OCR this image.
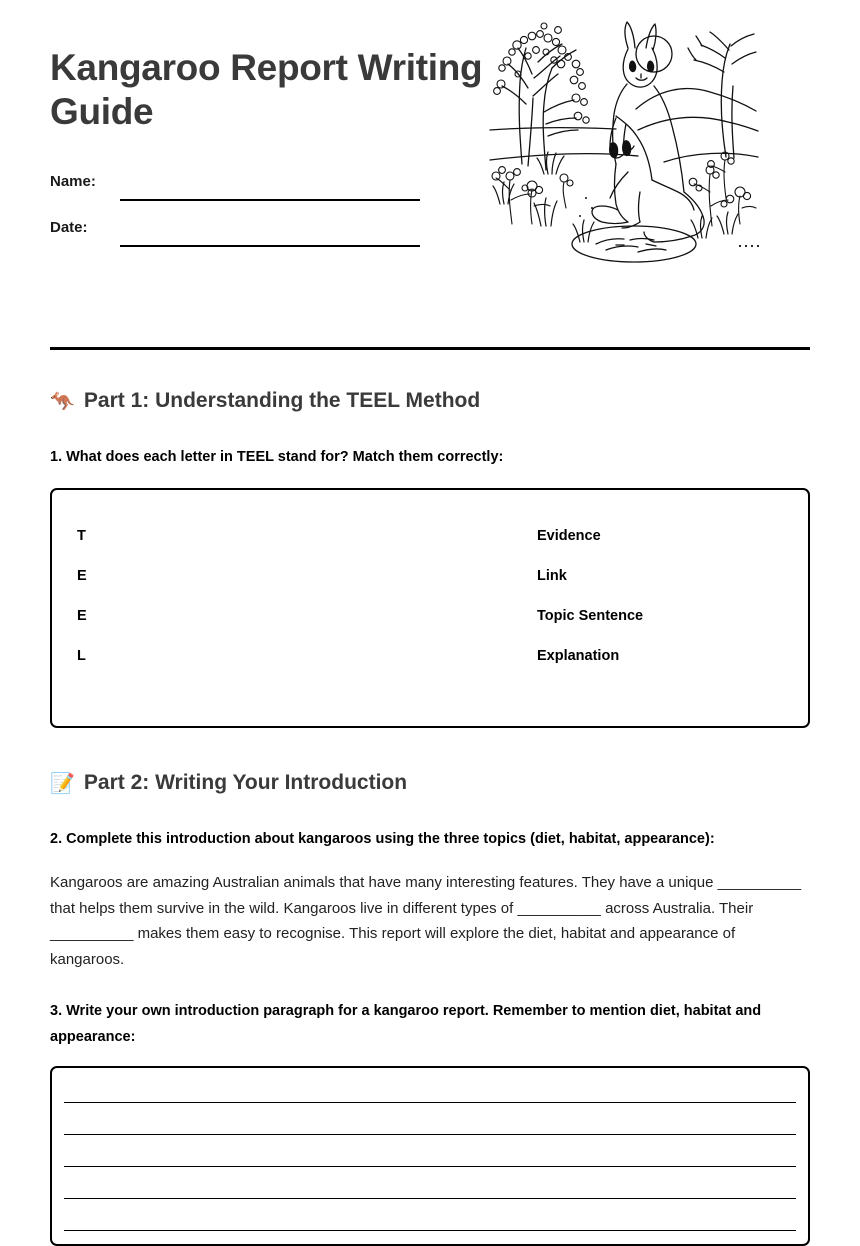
Kangaroo Report Writing Guide
Name:
Date:
🦘 Part 1: Understanding the TEEL Method

1. What does each letter in TEEL stand for? Match them correctly:

T	Evidence
E	Link
E	Topic Sentence
L	Explanation
📝 Part 2: Writing Your Introduction

2. Complete this introduction about kangaroos using the three topics (diet, habitat, appearance):

Kangaroos are amazing Australian animals that have many interesting features. They have a unique __________ that helps them survive in the wild. Kangaroos live in different types of __________ across Australia. Their __________ makes them easy to recognise. This report will explore the diet, habitat and appearance of kangaroos.

3. Write your own introduction paragraph for a kangaroo report. Remember to mention diet, habitat and appearance:
